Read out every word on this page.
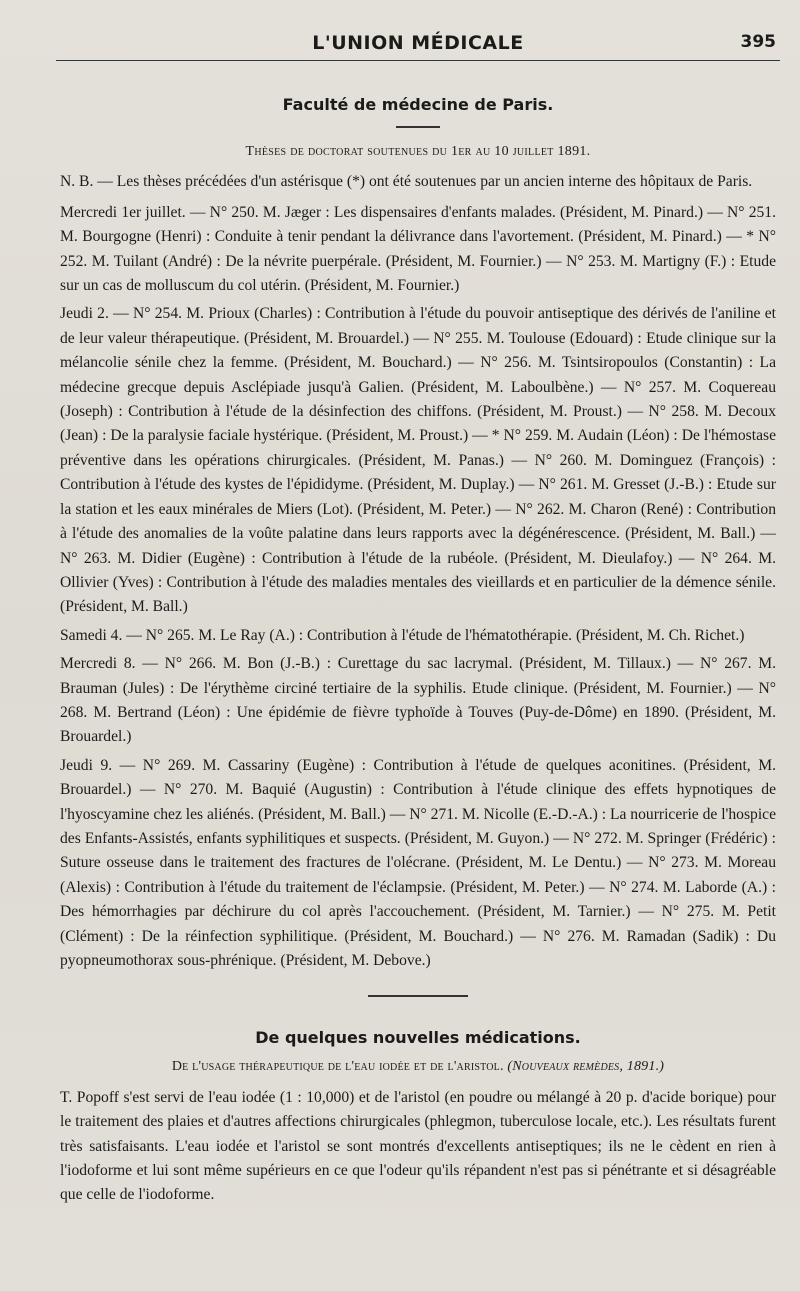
L'UNION MÉDICALE	395
Faculté de médecine de Paris.
Thèses de doctorat soutenues du 1er au 10 juillet 1891.

N. B. — Les thèses précédées d'un astérisque (*) ont été soutenues par un ancien interne des hôpitaux de Paris.

Mercredi 1er juillet. — N° 250. M. Jæger : Les dispensaires d'enfants malades. (Président, M. Pinard.) — N° 251. M. Bourgogne (Henri) : Conduite à tenir pendant la délivrance dans l'avortement. (Président, M. Pinard.) — * N° 252. M. Tuilant (André) : De la névrite puerpérale. (Président, M. Fournier.) — N° 253. M. Martigny (F.) : Etude sur un cas de molluscum du col utérin. (Président, M. Fournier.)

Jeudi 2. — N° 254. M. Prioux (Charles) : Contribution à l'étude du pouvoir antiseptique des dérivés de l'aniline et de leur valeur thérapeutique. (Président, M. Brouardel.) — N° 255. M. Toulouse (Edouard) : Etude clinique sur la mélancolie sénile chez la femme. (Président, M. Bouchard.) — N° 256. M. Tsintsiropoulos (Constantin) : La médecine grecque depuis Asclépiade jusqu'à Galien. (Président, M. Laboulbène.) — N° 257. M. Coquereau (Joseph) : Contribution à l'étude de la désinfection des chiffons. (Président, M. Proust.) — N° 258. M. Decoux (Jean) : De la paralysie faciale hystérique. (Président, M. Proust.) — * N° 259. M. Audain (Léon) : De l'hémostase préventive dans les opérations chirurgicales. (Président, M. Panas.) — N° 260. M. Dominguez (François) : Contribution à l'étude des kystes de l'épididyme. (Président, M. Duplay.) — N° 261. M. Gresset (J.-B.) : Etude sur la station et les eaux minérales de Miers (Lot). (Président, M. Peter.) — N° 262. M. Charon (René) : Contribution à l'étude des anomalies de la voûte palatine dans leurs rapports avec la dégénérescence. (Président, M. Ball.) — N° 263. M. Didier (Eugène) : Contribution à l'étude de la rubéole. (Président, M. Dieulafoy.) — N° 264. M. Ollivier (Yves) : Contribution à l'étude des maladies mentales des vieillards et en particulier de la démence sénile. (Président, M. Ball.)

Samedi 4. — N° 265. M. Le Ray (A.) : Contribution à l'étude de l'hématothérapie. (Président, M. Ch. Richet.)

Mercredi 8. — N° 266. M. Bon (J.-B.) : Curettage du sac lacrymal. (Président, M. Tillaux.) — N° 267. M. Brauman (Jules) : De l'érythème circiné tertiaire de la syphilis. Etude clinique. (Président, M. Fournier.) — N° 268. M. Bertrand (Léon) : Une épidémie de fièvre typhoïde à Touves (Puy-de-Dôme) en 1890. (Président, M. Brouardel.)

Jeudi 9. — N° 269. M. Cassariny (Eugène) : Contribution à l'étude de quelques aconitines. (Président, M. Brouardel.) — N° 270. M. Baquié (Augustin) : Contribution à l'étude clinique des effets hypnotiques de l'hyoscyamine chez les aliénés. (Président, M. Ball.) — N° 271. M. Nicolle (E.-D.-A.) : La nourricerie de l'hospice des Enfants-Assistés, enfants syphilitiques et suspects. (Président, M. Guyon.) — N° 272. M. Springer (Frédéric) : Suture osseuse dans le traitement des fractures de l'olécrane. (Président, M. Le Dentu.) — N° 273. M. Moreau (Alexis) : Contribution à l'étude du traitement de l'éclampsie. (Président, M. Peter.) — N° 274. M. Laborde (A.) : Des hémorrhagies par déchirure du col après l'accouchement. (Président, M. Tarnier.) — N° 275. M. Petit (Clément) : De la réinfection syphilitique. (Président, M. Bouchard.) — N° 276. M. Ramadan (Sadik) : Du pyopneumothorax sous-phrénique. (Président, M. Debove.)

De quelques nouvelles médications.
De l'usage thérapeutique de l'eau iodée et de l'aristol. (Nouveaux remèdes, 1891.)

T. Popoff s'est servi de l'eau iodée (1 : 10,000) et de l'aristol (en poudre ou mélangé à 20 p. d'acide borique) pour le traitement des plaies et d'autres affections chirurgicales (phlegmon, tuberculose locale, etc.). Les résultats furent très satisfaisants. L'eau iodée et l'aristol se sont montrés d'excellents antiseptiques; ils ne le cèdent en rien à l'iodoforme et lui sont même supérieurs en ce que l'odeur qu'ils répandent n'est pas si pénétrante et si désagréable que celle de l'iodoforme.
